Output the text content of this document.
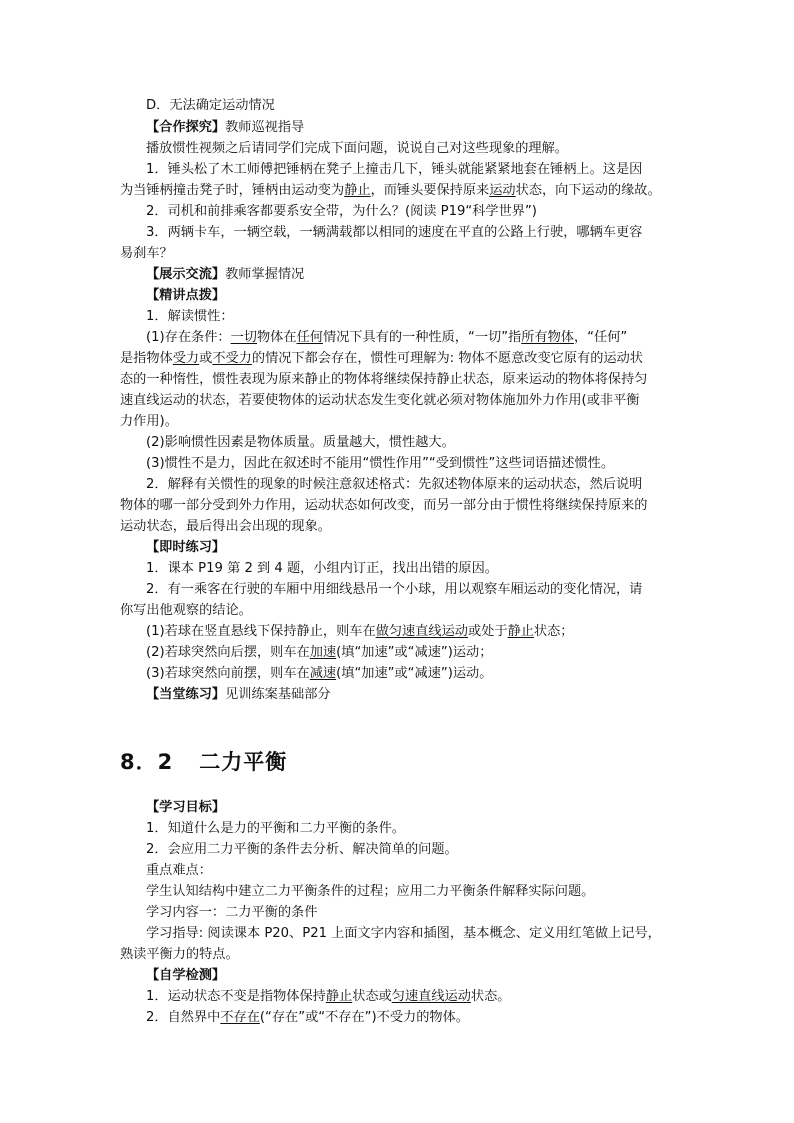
D．无法确定运动情况
【合作探究】教师巡视指导
播放惯性视频之后请同学们完成下面问题，说说自己对这些现象的理解。
1．锤头松了木工师傅把锤柄在凳子上撞击几下，锤头就能紧紧地套在锤柄上。这是因
为当锤柄撞击凳子时，锤柄由运动变为静止，而锤头要保持原来运动状态，向下运动的缘故。
2．司机和前排乘客都要系安全带，为什么？(阅读 P19“科学世界”)
3．两辆卡车，一辆空载，一辆满载都以相同的速度在平直的公路上行驶，哪辆车更容
易刹车？
【展示交流】教师掌握情况
【精讲点拨】
1．解读惯性：
(1)存在条件：一切物体在任何情况下具有的一种性质，“一切”指所有物体，“任何”
是指物体受力或不受力的情况下都会存在，惯性可理解为: 物体不愿意改变它原有的运动状
态的一种惰性，惯性表现为原来静止的物体将继续保持静止状态，原来运动的物体将保持匀
速直线运动的状态，若要使物体的运动状态发生变化就必须对物体施加外力作用(或非平衡
力作用)。
(2)影响惯性因素是物体质量。质量越大，惯性越大。
(3)惯性不是力，因此在叙述时不能用“惯性作用”“受到惯性”这些词语描述惯性。
2．解释有关惯性的现象的时候注意叙述格式：先叙述物体原来的运动状态，然后说明
物体的哪一部分受到外力作用，运动状态如何改变，而另一部分由于惯性将继续保持原来的
运动状态，最后得出会出现的现象。
【即时练习】
1．课本 P19 第 2 到 4 题，小组内订正，找出出错的原因。
2．有一乘客在行驶的车厢中用细线悬吊一个小球，用以观察车厢运动的变化情况，请
你写出他观察的结论。
(1)若球在竖直悬线下保持静止，则车在做匀速直线运动或处于静止状态；
(2)若球突然向后摆，则车在加速(填“加速”或“减速”)运动；
(3)若球突然向前摆，则车在减速(填“加速”或“减速”)运动。
【当堂练习】见训练案基础部分
8．2 二力平衡
【学习目标】
1．知道什么是力的平衡和二力平衡的条件。
2．会应用二力平衡的条件去分析、解决简单的问题。
重点难点：
学生认知结构中建立二力平衡条件的过程；应用二力平衡条件解释实际问题。
学习内容一：二力平衡的条件
学习指导: 阅读课本 P20、P21 上面文字内容和插图，基本概念、定义用红笔做上记号，
熟读平衡力的特点。
【自学检测】
1．运动状态不变是指物体保持静止状态或匀速直线运动状态。
2．自然界中不存在(“存在”或“不存在”)不受力的物体。
